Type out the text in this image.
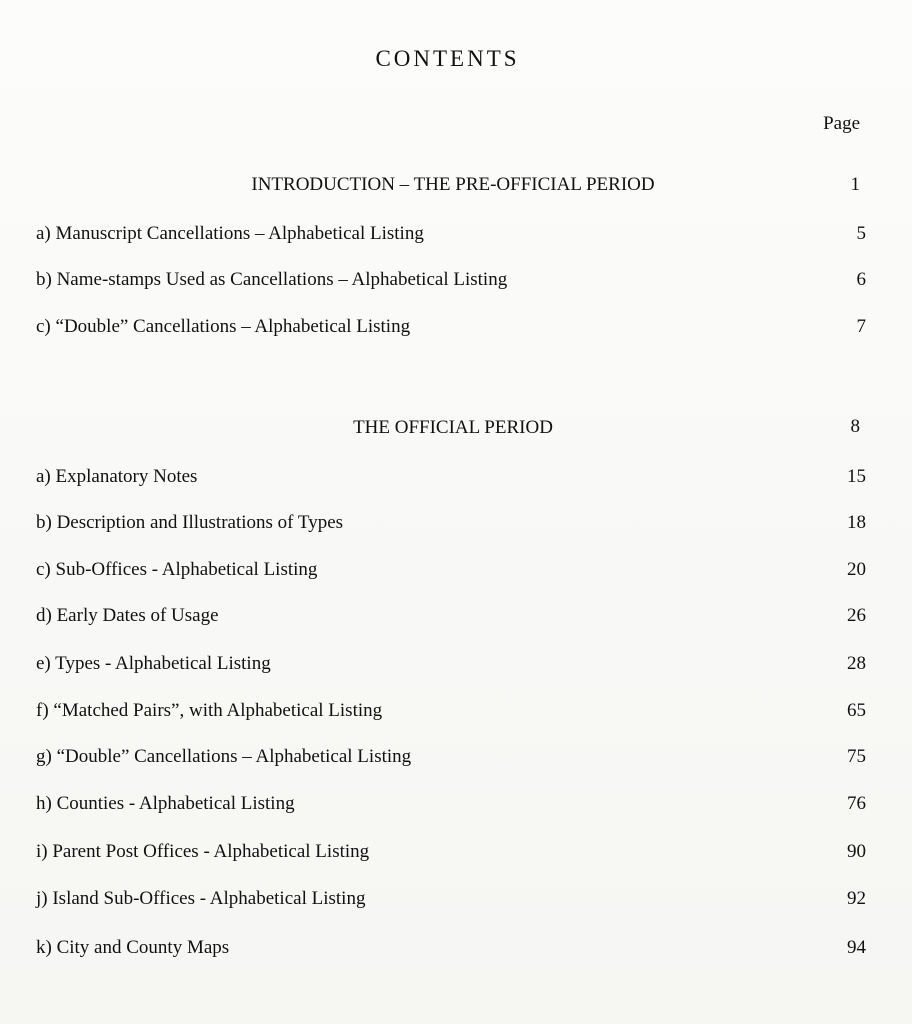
CONTENTS
Page
INTRODUCTION – THE PRE-OFFICIAL PERIOD	1
a) Manuscript Cancellations – Alphabetical Listing	5
b) Name-stamps Used as Cancellations – Alphabetical Listing	6
c) “Double” Cancellations – Alphabetical Listing	7
THE OFFICIAL PERIOD	8
a) Explanatory Notes	15
b) Description and Illustrations of Types	18
c) Sub-Offices - Alphabetical Listing	20
d) Early Dates of Usage	26
e) Types - Alphabetical Listing	28
f) “Matched Pairs”, with Alphabetical Listing	65
g) “Double” Cancellations – Alphabetical Listing	75
h) Counties - Alphabetical Listing	76
i) Parent Post Offices - Alphabetical Listing	90
j) Island Sub-Offices - Alphabetical Listing	92
k) City and County Maps	94
